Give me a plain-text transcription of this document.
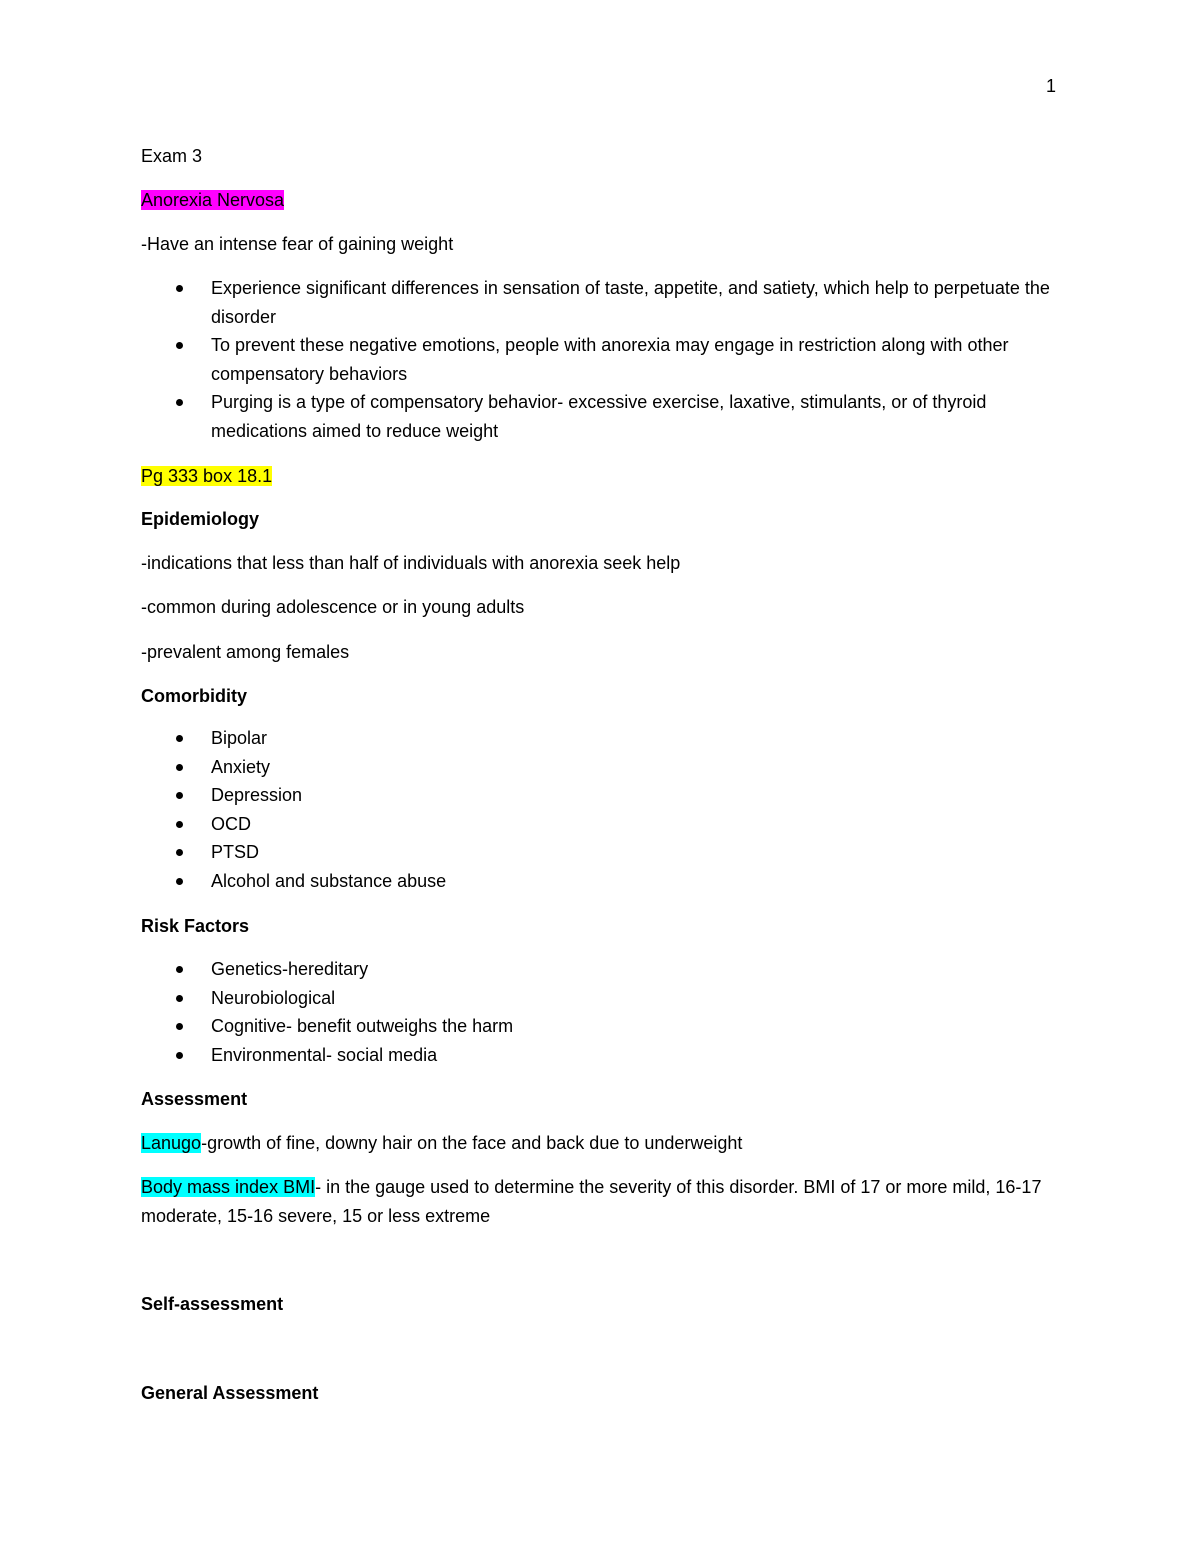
1
Exam 3
Anorexia Nervosa
-Have an intense fear of gaining weight
Experience significant differences in sensation of taste, appetite, and satiety, which help to perpetuate the disorder
To prevent these negative emotions, people with anorexia may engage in restriction along with other compensatory behaviors
Purging is a type of compensatory behavior- excessive exercise, laxative, stimulants, or of thyroid medications aimed to reduce weight
Pg 333 box 18.1
Epidemiology
-indications that less than half of individuals with anorexia seek help
-common during adolescence or in young adults
-prevalent among females
Comorbidity
Bipolar
Anxiety
Depression
OCD
PTSD
Alcohol and substance abuse
Risk Factors
Genetics-hereditary
Neurobiological
Cognitive- benefit outweighs the harm
Environmental- social media
Assessment
Lanugo-growth of fine, downy hair on the face and back due to underweight
Body mass index BMI- in the gauge used to determine the severity of this disorder. BMI of 17 or more mild, 16-17 moderate, 15-16 severe, 15 or less extreme
Self-assessment
General Assessment
